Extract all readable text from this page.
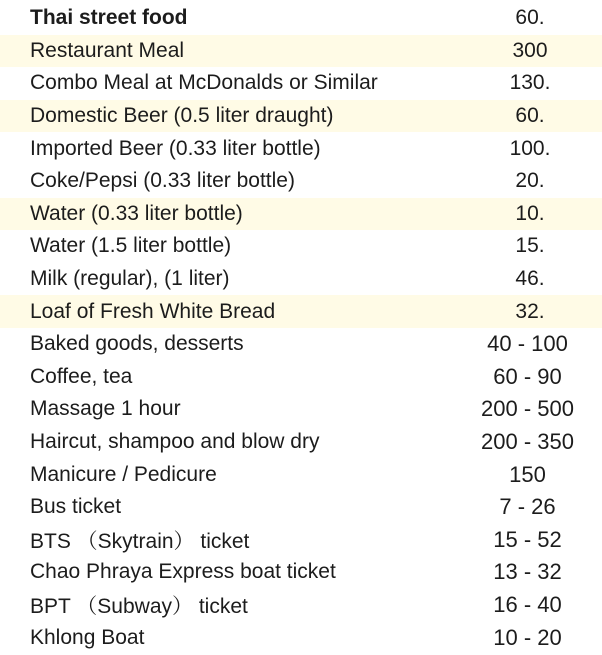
Thai street food	60.
Restaurant Meal	300
Combo Meal at McDonalds or Similar	130.
Domestic Beer (0.5 liter draught)	60.
Imported Beer (0.33 liter bottle)	100.
Coke/Pepsi (0.33 liter bottle)	20.
Water (0.33 liter bottle)	10.
Water (1.5 liter bottle)	15.
Milk (regular), (1 liter)	46.
Loaf of Fresh White Bread	32.
Baked goods, desserts	40 - 100
Coffee, tea	60 - 90
Massage 1 hour	200 - 500
Haircut, shampoo and blow dry	200 - 350
Manicure / Pedicure	150
Bus ticket	7 - 26
BTS （Skytrain） ticket	15 - 52
Chao Phraya Express boat ticket	13 - 32
BPT （Subway） ticket	16 - 40
Khlong Boat	10 - 20
